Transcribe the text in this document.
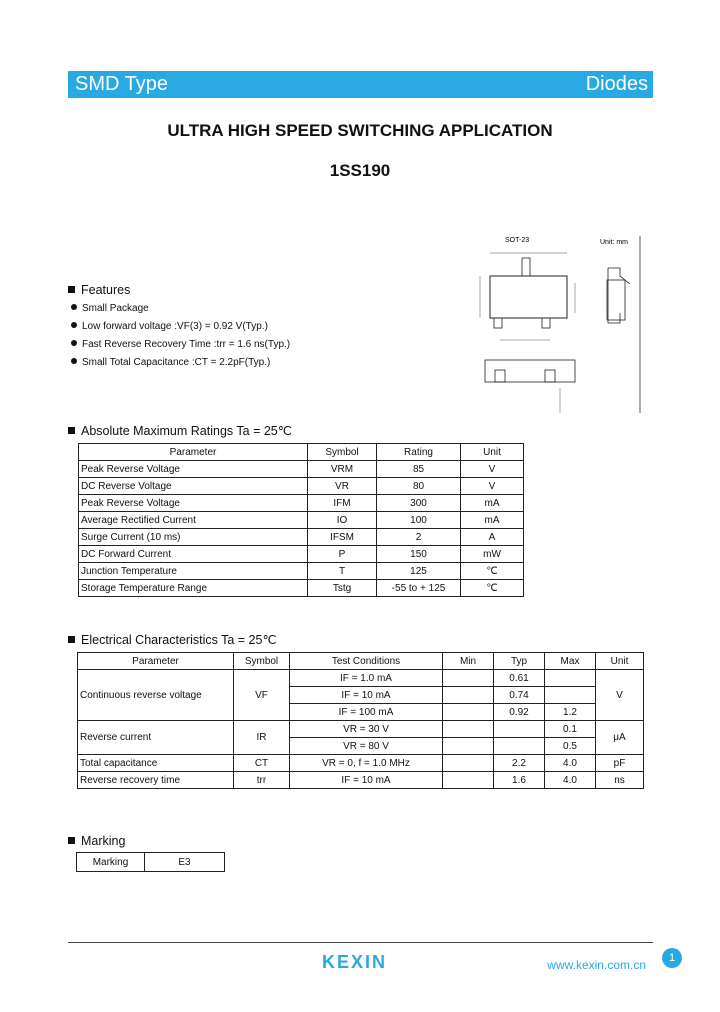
SMD Type	Diodes
ULTRA HIGH SPEED SWITCHING APPLICATION
1SS190
SOT-23	Unit: mm
Features
Small Package
Low forward voltage :VF(3) = 0.92 V(Typ.)
Fast Reverse Recovery Time :trr = 1.6 ns(Typ.)
Small Total Capacitance :CT = 2.2pF(Typ.)
Absolute Maximum Ratings Ta = 25℃
Parameter	Symbol	Rating	Unit
Peak Reverse Voltage	VRM	85	V
DC Reverse Voltage	VR	80	V
Peak Reverse Voltage	IFM	300	mA
Average Rectified Current	IO	100	mA
Surge Current (10 ms)	IFSM	2	A
DC Forward Current	P	150	mW
Junction Temperature	T	125	℃
Storage Temperature Range	Tstg	-55 to + 125	℃
Electrical Characteristics Ta = 25℃
Parameter	Symbol	Test Conditions	Min	Typ	Max	Unit
Continuous reverse voltage	VF	IF = 1.0 mA		0.61		V
		IF = 10 mA		0.74		
		IF = 100 mA		0.92	1.2	
Reverse current	IR	VR = 30 V			0.1	μA
		VR = 80 V			0.5	
Total capacitance	CT	VR = 0, f = 1.0 MHz		2.2	4.0	pF
Reverse recovery time	trr	IF = 10 mA		1.6	4.0	ns
Marking
Marking	E3
KEXIN	www.kexin.com.cn	1
